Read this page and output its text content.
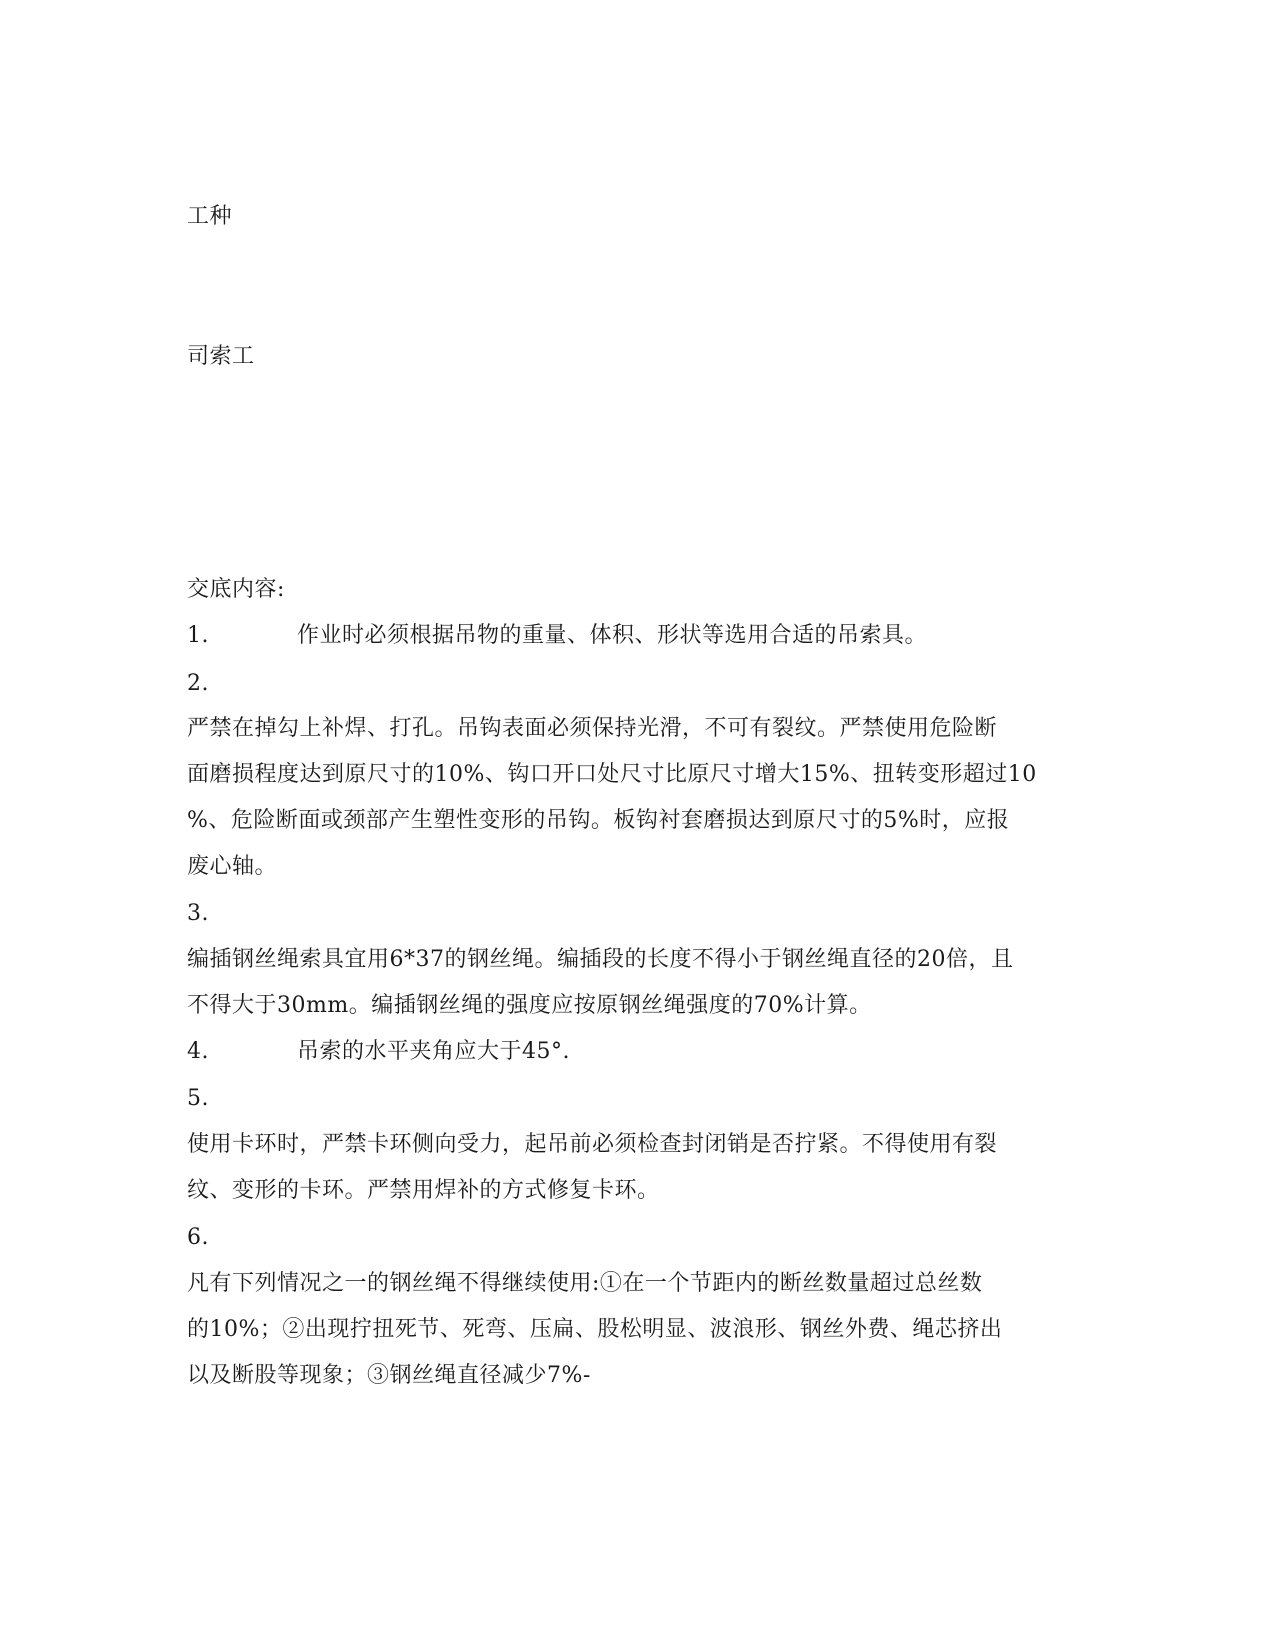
工种
司索工
交底内容:
1.	作业时必须根据吊物的重量、体积、形状等选用合适的吊索具。
2.
严禁在掉勾上补焊、打孔。吊钩表面必须保持光滑，不可有裂纹。严禁使用危险断
面磨损程度达到原尺寸的10%、钩口开口处尺寸比原尺寸增大15%、扭转变形超过10
%、危险断面或颈部产生塑性变形的吊钩。板钩衬套磨损达到原尺寸的5%时，应报
废心轴。
3.
编插钢丝绳索具宜用6*37的钢丝绳。编插段的长度不得小于钢丝绳直径的20倍，且
不得大于30mm。编插钢丝绳的强度应按原钢丝绳强度的70%计算。
4.	吊索的水平夹角应大于45°.
5.
使用卡环时，严禁卡环侧向受力，起吊前必须检查封闭销是否拧紧。不得使用有裂
纹、变形的卡环。严禁用焊补的方式修复卡环。
6.
凡有下列情况之一的钢丝绳不得继续使用:①在一个节距内的断丝数量超过总丝数
的10%；②出现拧扭死节、死弯、压扁、股松明显、波浪形、钢丝外费、绳芯挤出
以及断股等现象；③钢丝绳直径减少7%-
